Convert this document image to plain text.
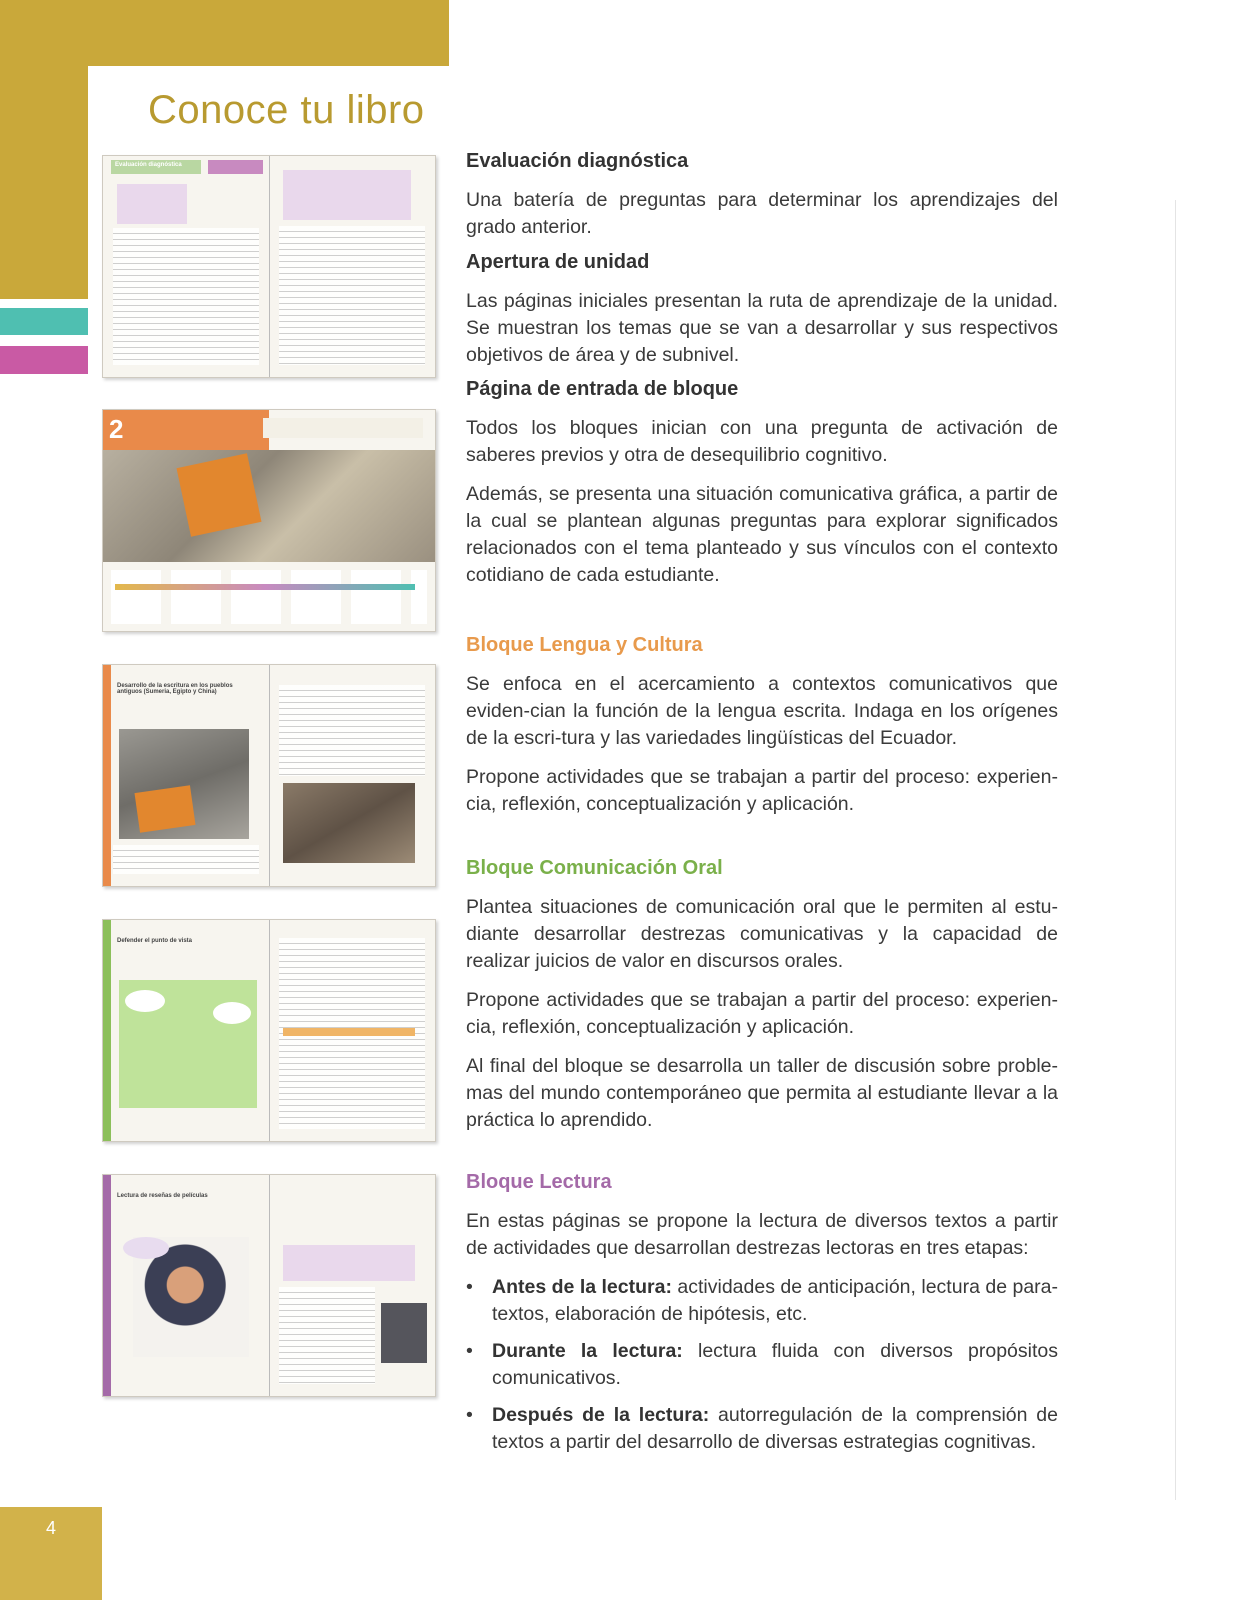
4
Conoce tu libro
Evaluación diagnóstica
2
Desarrollo de la escritura en los pueblos antiguos (Sumeria, Egipto y China)
Defender el punto de vista
Lectura de reseñas de películas
Evaluación diagnóstica

Una batería de preguntas para determinar los aprendizajes del grado anterior.

Apertura de unidad

Las páginas iniciales presentan la ruta de aprendizaje de la unidad. Se muestran los temas que se van a desarrollar y sus respectivos objetivos de área y de subnivel.

Página de entrada de bloque

Todos los bloques inician con una pregunta de activación de saberes previos y otra de desequilibrio cognitivo.

Además, se presenta una situación comunicativa gráfica, a partir de la cual se plantean algunas preguntas para explorar significados relacionados con el tema planteado y sus vínculos con el contexto cotidiano de cada estudiante.

Bloque Lengua y Cultura

Se enfoca en el acercamiento a contextos comunicativos que eviden-cian la función de la lengua escrita. Indaga en los orígenes de la escri-tura y las variedades lingüísticas del Ecuador.

Propone actividades que se trabajan a partir del proceso: experien-cia, reflexión, conceptualización y aplicación.

Bloque Comunicación Oral

Plantea situaciones de comunicación oral que le permiten al estu-diante desarrollar destrezas comunicativas y la capacidad de realizar juicios de valor en discursos orales.

Propone actividades que se trabajan a partir del proceso: experien-cia, reflexión, conceptualización y aplicación.

Al final del bloque se desarrolla un taller de discusión sobre proble-mas del mundo contemporáneo que permita al estudiante llevar a la práctica lo aprendido.

Bloque Lectura

En estas páginas se propone la lectura de diversos textos a partir de actividades que desarrollan destrezas lectoras en tres etapas:

• Antes de la lectura: actividades de anticipación, lectura de para-textos, elaboración de hipótesis, etc.
• Durante la lectura: lectura fluida con diversos propósitos comunicativos.
• Después de la lectura: autorregulación de la comprensión de textos a partir del desarrollo de diversas estrategias cognitivas.
